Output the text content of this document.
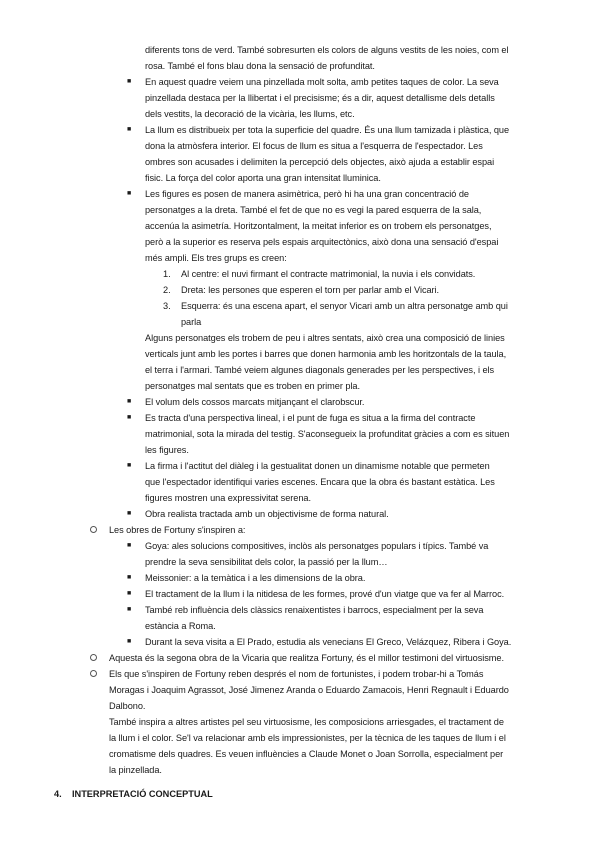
diferents tons de verd. També sobresurten els colors de alguns vestits de les noies, com el
rosa. També el fons blau dona la sensació de profunditat.
■ En aquest quadre veiem una pinzellada molt solta, amb petites taques de color. La seva
pinzellada destaca per la llibertat i el precisisme; és a dir, aquest detallisme dels detalls
dels vestits, la decoració de la vicària, les llums, etc.
■ La llum es distribueix per tota la superficie del quadre. És una llum tamizada i plàstica, que
dona la atmòsfera interior. El focus de llum es situa a l'esquerra de l'espectador. Les
ombres son acusades i delimiten la percepció dels objectes, això ajuda a establir espai
fisic. La força del color aporta una gran intensitat lluminica.
■ Les figures es posen de manera asimètrica, però hi ha una gran concentració de
personatges a la dreta. També el fet de que no es vegi la pared esquerra de la sala,
accenúa la asimetría. Horitzontalment, la meitat inferior es on trobem els personatges,
però a la superior es reserva pels espais arquitectònics, això dona una sensació d'espai
més ampli. Els tres grups es creen:
1. Al centre: el nuvi firmant el contracte matrimonial, la nuvia i els convidats.
2. Dreta: les persones que esperen el torn per parlar amb el Vicari.
3. Esquerra: és una escena apart, el senyor Vicari amb un altra personatge amb qui
parla
Alguns personatges els trobem de peu i altres sentats, això crea una composició de linies
verticals junt amb les portes i barres que donen harmonia amb les horitzontals de la taula,
el terra i l'armari. També veiem algunes diagonals generades per les perspectives, i els
personatges mal sentats que es troben en primer pla.
■ El volum dels cossos marcats mitjançant el clarobscur.
■ Es tracta d'una perspectiva lineal, i el punt de fuga es situa a la firma del contracte
matrimonial, sota la mirada del testig. S'aconsegueix la profunditat gràcies a com es situen
les figures.
■ La firma i l'actitut del diàleg i la gestualitat donen un dinamisme notable que permeten
que l'espectador identifiqui varies escenes. Encara que la obra és bastant estàtica. Les
figures mostren una expressivitat serena.
■ Obra realista tractada amb un objectivisme de forma natural.
Les obres de Fortuny s'inspiren a:
■ Goya: ales solucions compositives, inclòs als personatges populars i típics. També va
prendre la seva sensibilitat dels color, la passió per la llum…
■ Meissonier: a la temàtica i a les dimensions de la obra.
■ El tractament de la llum i la nitidesa de les formes, prové d'un viatge que va fer al Marroc.
■ També reb influència dels clàssics renaixentistes i barrocs, especialment per la seva
estància a Roma.
■ Durant la seva visita a El Prado, estudia als venecians El Greco, Velázquez, Ribera i Goya.
Aquesta és la segona obra de la Vicaria que realitza Fortuny, és el millor testimoni del virtuosisme.
Els que s'inspiren de Fortuny reben després el nom de fortunistes, i podem trobar-hi a Tomás
Moragas i Joaquim Agrassot, José Jimenez Aranda o Eduardo Zamacois, Henri Regnault i Eduardo
Dalbono.
També inspira a altres artistes pel seu virtuosisme, les composicions arriesgades, el tractament de
la llum i el color. Se'l va relacionar amb els impressionistes, per la tècnica de les taques de llum i el
cromatisme dels quadres. Es veuen influències a Claude Monet o Joan Sorrolla, especialment per
la pinzellada.
4. INTERPRETACIÓ CONCEPTUAL
